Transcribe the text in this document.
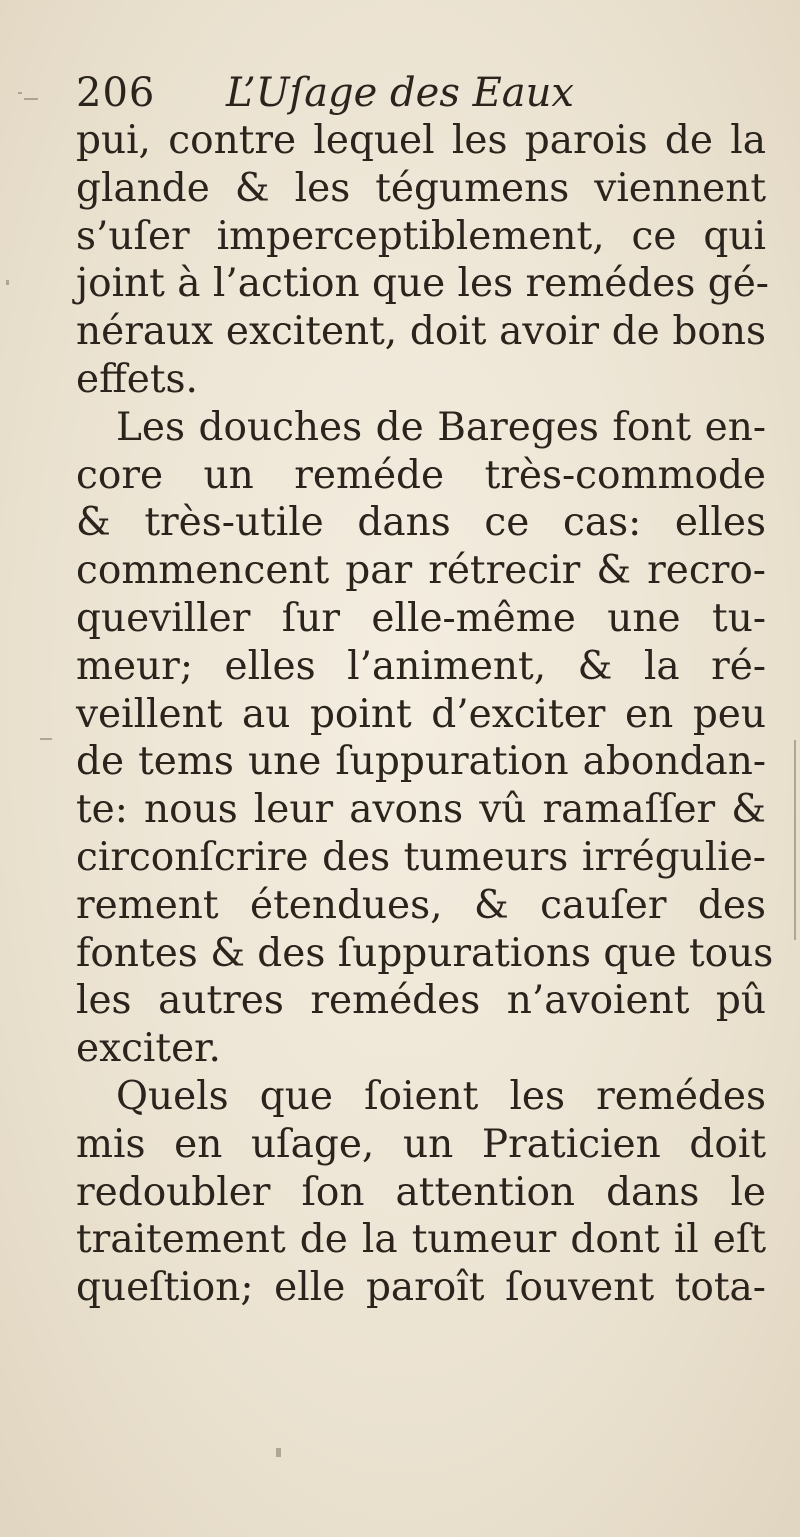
206 L’Uſage des Eaux
pui, contre lequel les parois de la
glande & les tégumens viennent
s’uſer imperceptiblement, ce qui
joint à l’action que les remédes gé-
néraux excitent, doit avoir de bons
effets.
Les douches de Bareges font en-
core un reméde très-commode
& très-utile dans ce cas: elles
commencent par rétrecir & recro-
queviller ſur elle-même une tu-
meur; elles l’animent, & la ré-
veillent au point d’exciter en peu
de tems une ſuppuration abondan-
te: nous leur avons vû ramaſſer &
circonſcrire des tumeurs irrégulie-
rement étendues, & cauſer des
fontes & des ſuppurations que tous
les autres remédes n’avoient pû
exciter.
Quels que ſoient les remédes
mis en uſage, un Praticien doit
redoubler ſon attention dans le
traitement de la tumeur dont il eſt
queſtion; elle paroît ſouvent tota-
